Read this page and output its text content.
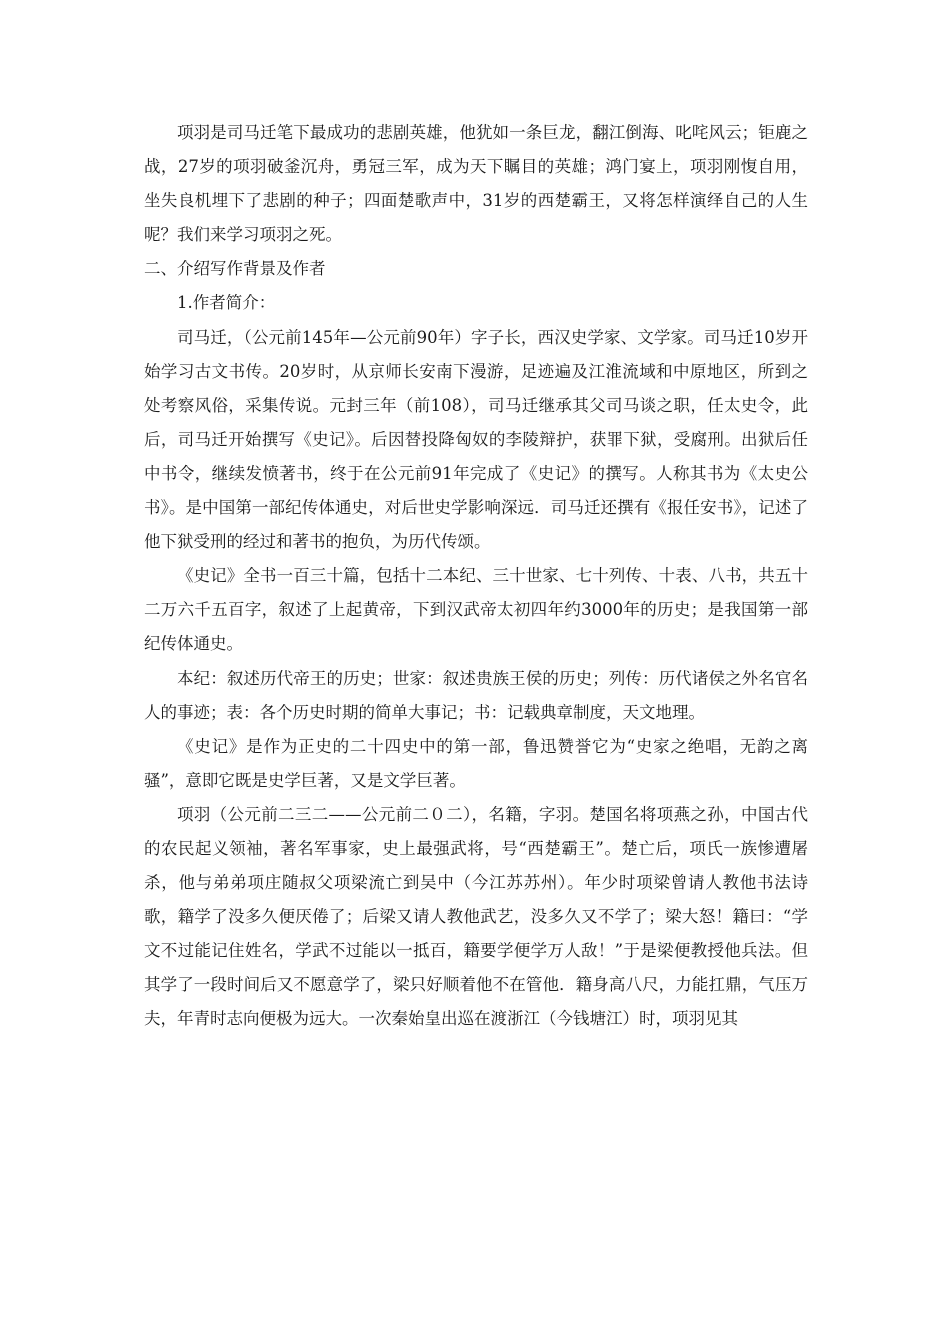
项羽是司马迁笔下最成功的悲剧英雄，他犹如一条巨龙，翻江倒海、叱咤风云；钜鹿之战，27岁的项羽破釜沉舟，勇冠三军，成为天下瞩目的英雄；鸿门宴上，项羽刚愎自用，坐失良机埋下了悲剧的种子；四面楚歌声中，31岁的西楚霸王，又将怎样演绎自己的人生呢？我们来学习项羽之死。

二、介绍写作背景及作者

1.作者简介：

司马迁，（公元前145年—公元前90年）字子长，西汉史学家、文学家。司马迁10岁开始学习古文书传。20岁时，从京师长安南下漫游，足迹遍及江淮流域和中原地区，所到之处考察风俗，采集传说。元封三年（前108），司马迁继承其父司马谈之职，任太史令，此后，司马迁开始撰写《史记》。后因替投降匈奴的李陵辩护，获罪下狱，受腐刑。出狱后任中书令，继续发愤著书，终于在公元前91年完成了《史记》的撰写。人称其书为《太史公书》。是中国第一部纪传体通史，对后世史学影响深远．司马迁还撰有《报任安书》，记述了他下狱受刑的经过和著书的抱负，为历代传颂。

《史记》全书一百三十篇，包括十二本纪、三十世家、七十列传、十表、八书，共五十二万六千五百字，叙述了上起黄帝，下到汉武帝太初四年约3000年的历史；是我国第一部纪传体通史。

本纪：叙述历代帝王的历史；世家：叙述贵族王侯的历史；列传：历代诸侯之外名官名人的事迹；表：各个历史时期的简单大事记；书：记载典章制度，天文地理。

《史记》是作为正史的二十四史中的第一部，鲁迅赞誉它为“史家之绝唱，无韵之离骚”，意即它既是史学巨著，又是文学巨著。

项羽（公元前二三二——公元前二０二），名籍，字羽。楚国名将项燕之孙，中国古代的农民起义领袖，著名军事家，史上最强武将，号“西楚霸王”。楚亡后，项氏一族惨遭屠杀，他与弟弟项庄随叔父项梁流亡到吴中（今江苏苏州）。年少时项梁曾请人教他书法诗歌，籍学了没多久便厌倦了；后梁又请人教他武艺，没多久又不学了；梁大怒！籍曰：“学文不过能记住姓名，学武不过能以一抵百，籍要学便学万人敌！”于是梁便教授他兵法。但其学了一段时间后又不愿意学了，梁只好顺着他不在管他．籍身高八尺，力能扛鼎，气压万夫，年青时志向便极为远大。一次秦始皇出巡在渡浙江（今钱塘江）时，项羽见其
